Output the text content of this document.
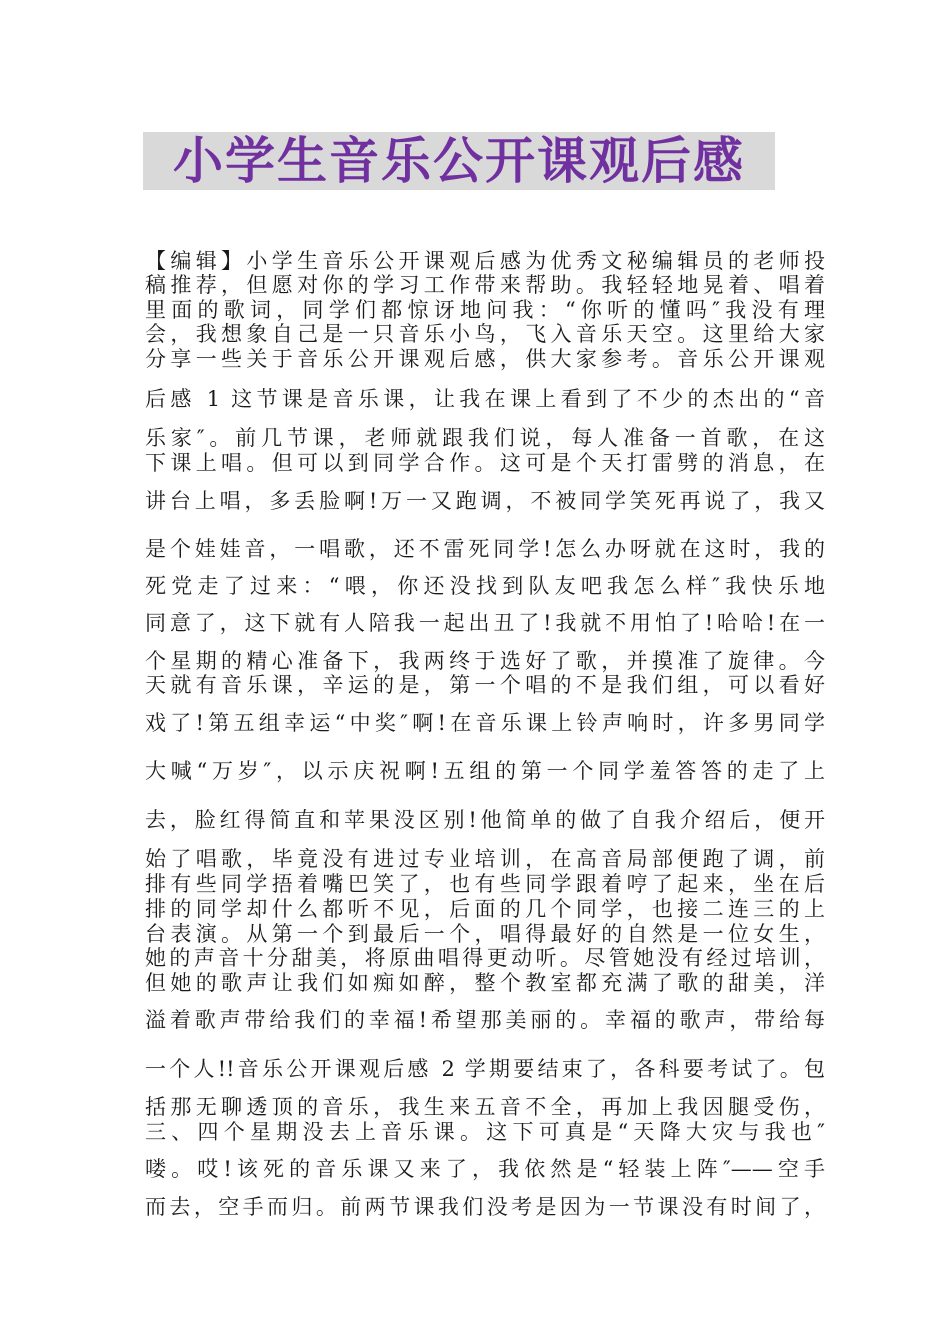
小学生音乐公开课观后感

【编辑】小学生音乐公开课观后感为优秀文秘编辑员的老师投

稿推荐，但愿对你的学习工作带来帮助。我轻轻地晃着、唱着

里面的歌词，同学们都惊讶地问我：“你听的懂吗″我没有理

会，我想象自己是一只音乐小鸟，飞入音乐天空。这里给大家

分享一些关于音乐公开课观后感，供大家参考。音乐公开课观

后感 1 这节课是音乐课，让我在课上看到了不少的杰出的“音

乐家″。前几节课，老师就跟我们说，每人准备一首歌，在这

下课上唱。但可以到同学合作。这可是个天打雷劈的消息，在

讲台上唱，多丢脸啊!万一又跑调，不被同学笑死再说了，我又

是个娃娃音，一唱歌，还不雷死同学!怎么办呀就在这时，我的

死党走了过来：“喂，你还没找到队友吧我怎么样″我快乐地

同意了，这下就有人陪我一起出丑了!我就不用怕了!哈哈!在一

个星期的精心准备下，我两终于选好了歌，并摸准了旋律。今

天就有音乐课，辛运的是，第一个唱的不是我们组，可以看好

戏了!第五组幸运“中奖″啊!在音乐课上铃声响时，许多男同学

大喊“万岁″，以示庆祝啊!五组的第一个同学羞答答的走了上

去，脸红得简直和苹果没区别!他简单的做了自我介绍后，便开

始了唱歌，毕竟没有进过专业培训，在高音局部便跑了调，前

排有些同学捂着嘴巴笑了，也有些同学跟着哼了起来，坐在后

排的同学却什么都听不见，后面的几个同学，也接二连三的上

台表演。从第一个到最后一个，唱得最好的自然是一位女生，

她的声音十分甜美，将原曲唱得更动听。尽管她没有经过培训，

但她的歌声让我们如痴如醉，整个教室都充满了歌的甜美，洋

溢着歌声带给我们的幸福!希望那美丽的。幸福的歌声，带给每

一个人!!音乐公开课观后感 2 学期要结束了，各科要考试了。包

括那无聊透顶的音乐，我生来五音不全，再加上我因腿受伤，

三、四个星期没去上音乐课。这下可真是“天降大灾与我也″

喽。哎!该死的音乐课又来了，我依然是“轻装上阵″——空手

而去，空手而归。前两节课我们没考是因为一节课没有时间了，
